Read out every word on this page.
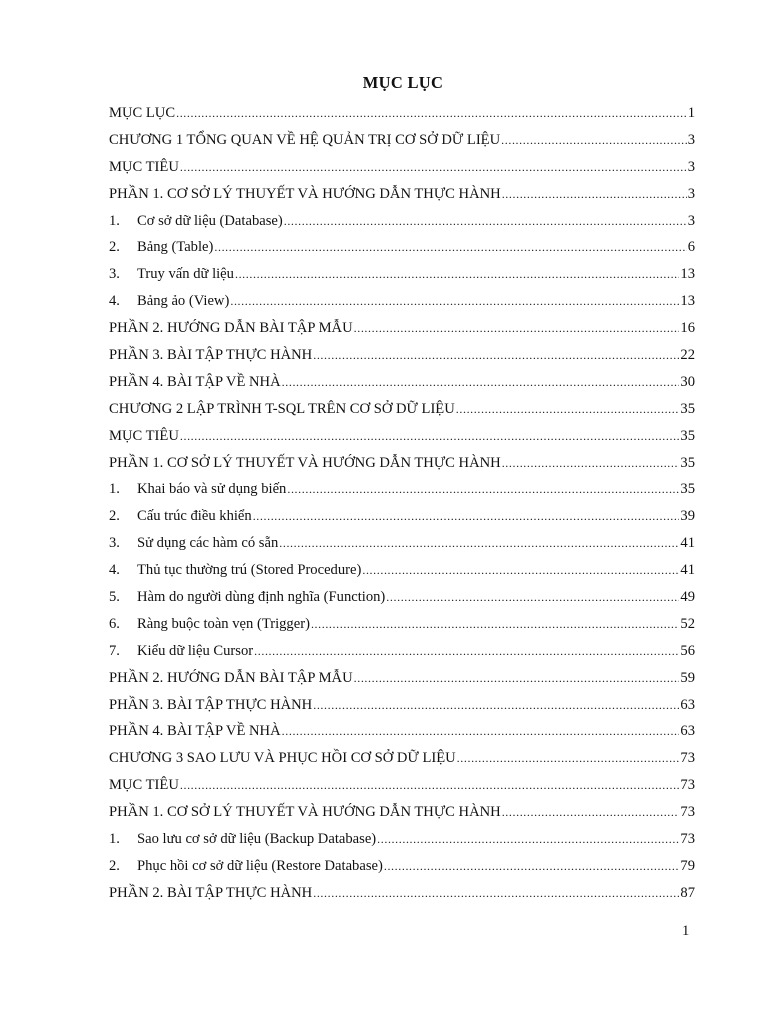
MỤC LỤC
MỤC LỤC .....	1
CHƯƠNG 1 TỔNG QUAN VỀ HỆ QUẢN TRỊ CƠ SỞ DỮ LIỆU .....	3
MỤC TIÊU .....	3
PHẦN 1. CƠ SỞ LÝ THUYẾT VÀ HƯỚNG DẪN THỰC HÀNH .....	3
1. Cơ sở dữ liệu (Database) .....	3
2. Bảng (Table) .....	6
3. Truy vấn dữ liệu .....	13
4. Bảng ảo (View) .....	13
PHẦN 2. HƯỚNG DẪN BÀI TẬP MẪU .....	16
PHẦN 3. BÀI TẬP THỰC HÀNH .....	22
PHẦN 4. BÀI TẬP VỀ NHÀ .....	30
CHƯƠNG 2 LẬP TRÌNH T-SQL TRÊN CƠ SỞ DỮ LIỆU .....	35
MỤC TIÊU .....	35
PHẦN 1. CƠ SỞ LÝ THUYẾT VÀ HƯỚNG DẪN THỰC HÀNH .....	35
1. Khai báo và sử dụng biến .....	35
2. Cấu trúc điều khiển .....	39
3. Sử dụng các hàm có sẵn .....	41
4. Thủ tục thường trú (Stored Procedure) .....	41
5. Hàm do người dùng định nghĩa (Function) .....	49
6. Ràng buộc toàn vẹn (Trigger) .....	52
7. Kiểu dữ liệu Cursor .....	56
PHẦN 2. HƯỚNG DẪN BÀI TẬP MẪU .....	59
PHẦN 3. BÀI TẬP THỰC HÀNH .....	63
PHẦN 4. BÀI TẬP VỀ NHÀ .....	63
CHƯƠNG 3 SAO LƯU VÀ PHỤC HỒI CƠ SỞ DỮ LIỆU .....	73
MỤC TIÊU .....	73
PHẦN 1. CƠ SỞ LÝ THUYẾT VÀ HƯỚNG DẪN THỰC HÀNH .....	73
1. Sao lưu cơ sở dữ liệu (Backup Database) .....	73
2. Phục hồi cơ sở dữ liệu (Restore Database) .....	79
PHẦN 2. BÀI TẬP THỰC HÀNH .....	87
1
